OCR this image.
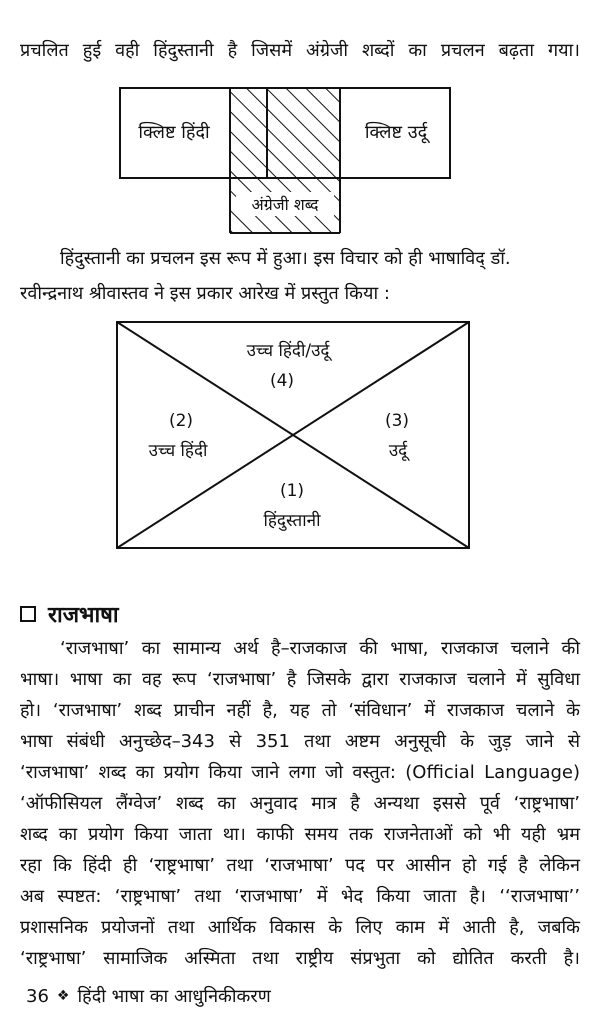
प्रचलित हुई वही हिंदुस्तानी है जिसमें अंग्रेजी शब्दों का प्रचलन बढ़ता गया।
क्लिष्ट हिंदी	क्लिष्ट उर्दू
अंग्रेजी शब्द
हिंदुस्तानी का प्रचलन इस रूप में हुआ। इस विचार को ही भाषाविद् डॉ.
रवीन्द्रनाथ श्रीवास्तव ने इस प्रकार आरेख में प्रस्तुत किया :
उच्च हिंदी/उर्दू
(4)
(2)
उच्च हिंदी
(3)
उर्दू
(1)
हिंदुस्तानी
राजभाषा
‘राजभाषा’ का सामान्य अर्थ है–राजकाज की भाषा, राजकाज चलाने की
भाषा। भाषा का वह रूप ‘राजभाषा’ है जिसके द्वारा राजकाज चलाने में सुविधा
हो। ‘राजभाषा’ शब्द प्राचीन नहीं है, यह तो ‘संविधान’ में राजकाज चलाने के
भाषा संबंधी अनुच्छेद–343 से 351 तथा अष्टम अनुसूची के जुड़ जाने से
‘राजभाषा’ शब्द का प्रयोग किया जाने लगा जो वस्तुत: (Official Language)
‘ऑफीसियल लैंग्वेज’ शब्द का अनुवाद मात्र है अन्यथा इससे पूर्व ‘राष्ट्रभाषा’
शब्द का प्रयोग किया जाता था। काफी समय तक राजनेताओं को भी यही भ्रम
रहा कि हिंदी ही ‘राष्ट्रभाषा’ तथा ‘राजभाषा’ पद पर आसीन हो गई है लेकिन
अब स्पष्टत: ‘राष्ट्रभाषा’ तथा ‘राजभाषा’ में भेद किया जाता है। ‘‘राजभाषा’’
प्रशासनिक प्रयोजनों तथा आर्थिक विकास के लिए काम में आती है, जबकि
‘राष्ट्रभाषा’ सामाजिक अस्मिता तथा राष्ट्रीय संप्रभुता को द्योतित करती है।
36 ❖ हिंदी भाषा का आधुनिकीकरण
